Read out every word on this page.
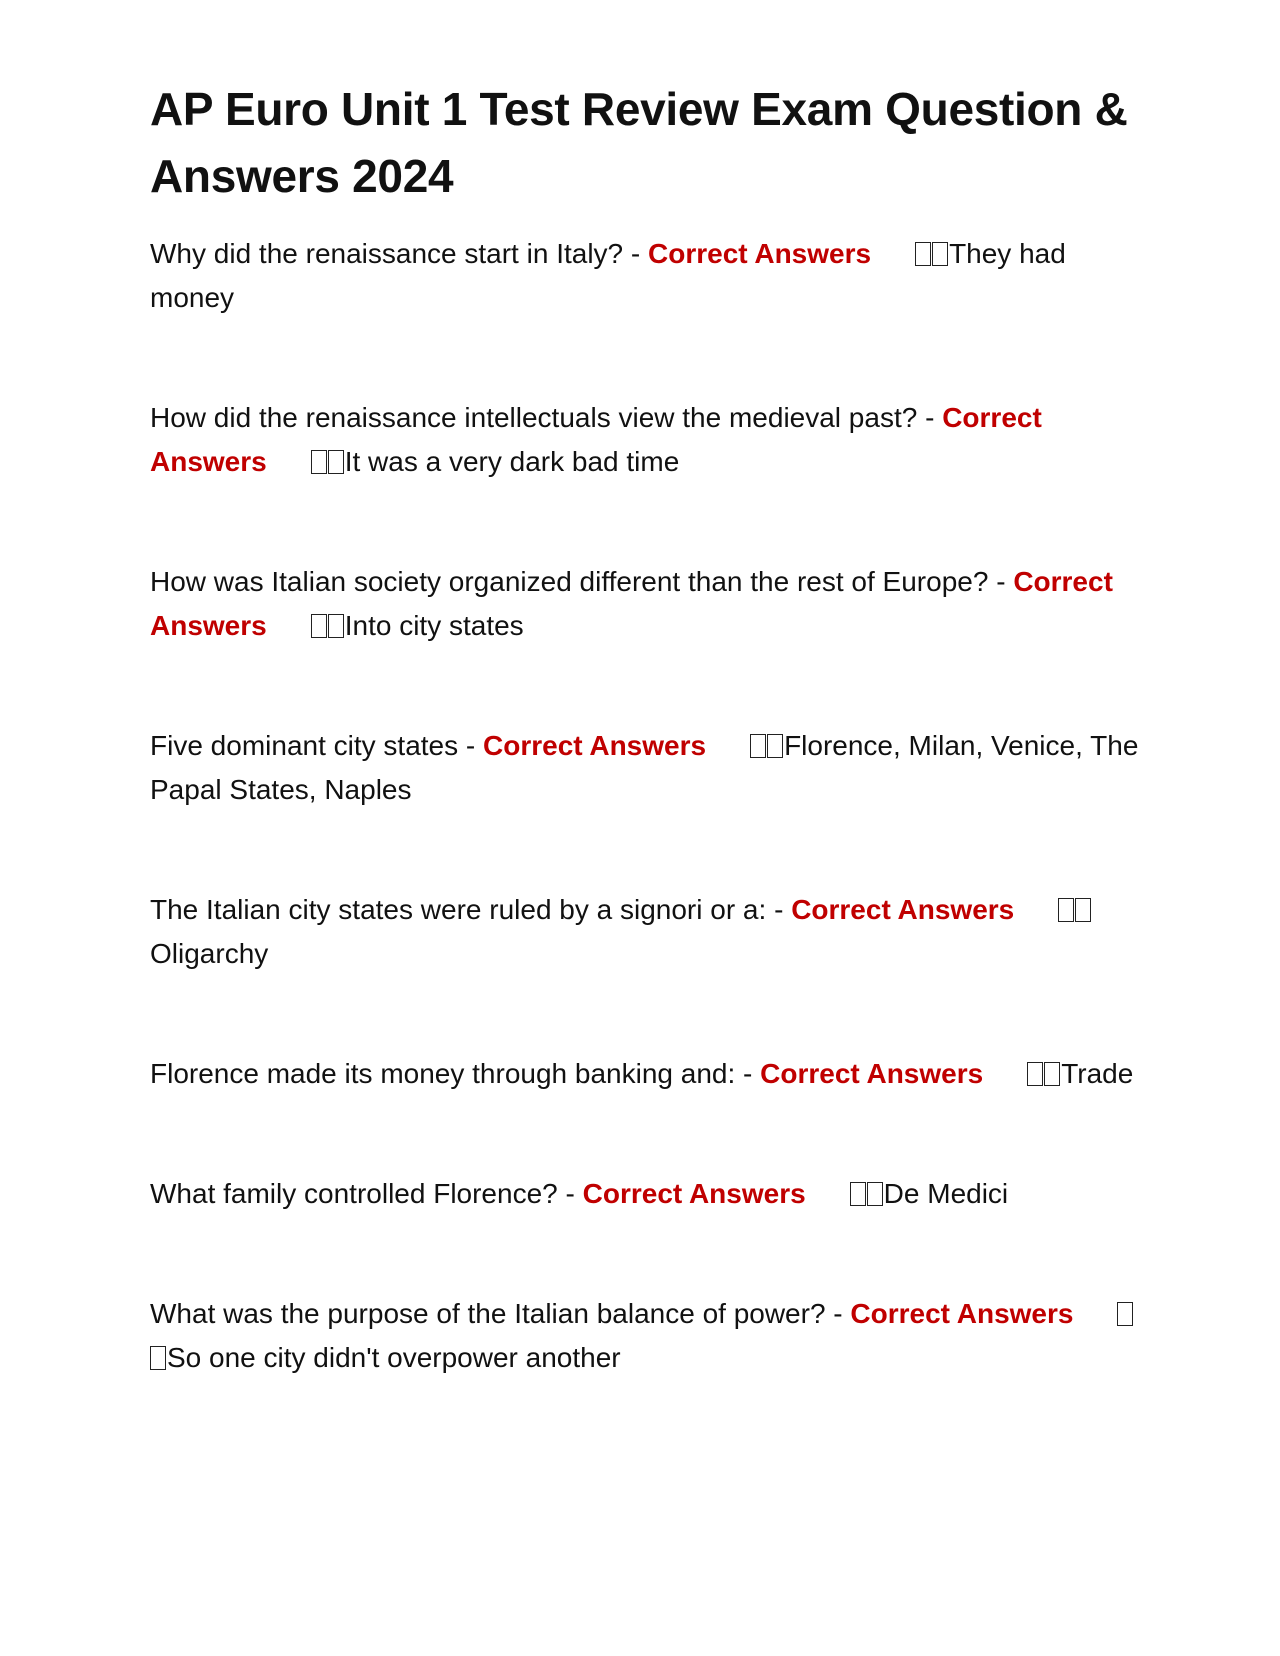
AP Euro Unit 1 Test Review Exam Question & Answers 2024
Why did the renaissance start in Italy? - Correct Answers	They had money
How did the renaissance intellectuals view the medieval past? - Correct Answers	It was a very dark bad time
How was Italian society organized different than the rest of Europe? - Correct Answers	Into city states
Five dominant city states - Correct Answers	Florence, Milan, Venice, The Papal States, Naples
The Italian city states were ruled by a signori or a: - Correct AnswersOligarchy
Florence made its money through banking and: - Correct Answers	Trade
What family controlled Florence? - Correct Answers	De Medici
What was the purpose of the Italian balance of power? - Correct AnswersSo one city didn't overpower another
